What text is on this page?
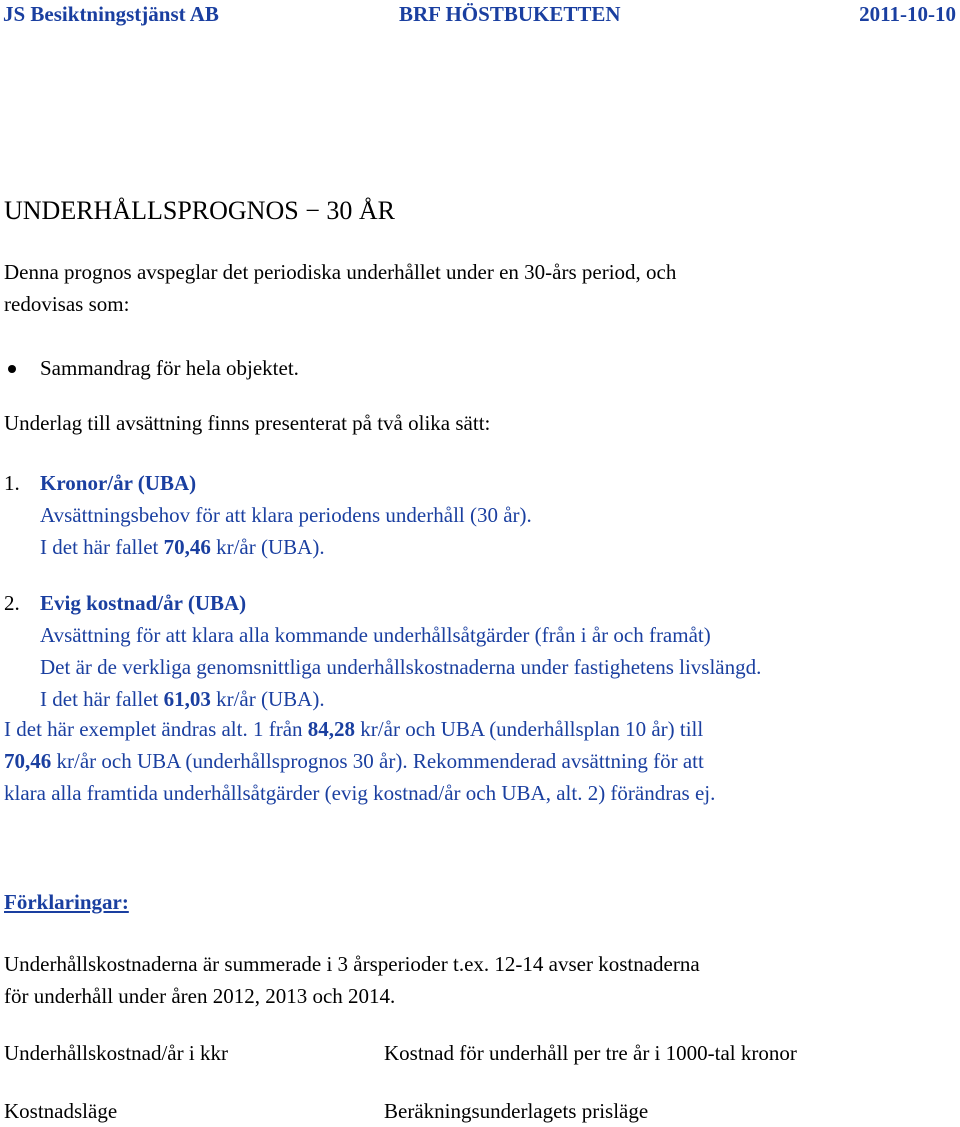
JS Besiktningstjänst AB	BRF HÖSTBUKETTEN	2011-10-10
UNDERHÅLLSPROGNOS − 30 ÅR
Denna prognos avspeglar det periodiska underhållet under en 30-års period, och
redovisas som:
Sammandrag för hela objektet.
Underlag till avsättning finns presenterat på två olika sätt:
1. Kronor/år (UBA)
Avsättningsbehov för att klara periodens underhåll (30 år).
I det här fallet 70,46 kr/år (UBA).
2. Evig kostnad/år (UBA)
Avsättning för att klara alla kommande underhållsåtgärder (från i år och framåt)
Det är de verkliga genomsnittliga underhållskostnaderna under fastighetens livslängd.
I det här fallet 61,03 kr/år (UBA).
I det här exemplet ändras alt. 1 från 84,28 kr/år och UBA (underhållsplan 10 år) till
70,46 kr/år och UBA (underhållsprognos 30 år). Rekommenderad avsättning för att
klara alla framtida underhållsåtgärder (evig kostnad/år och UBA, alt. 2) förändras ej.
Förklaringar:
Underhållskostnaderna är summerade i 3 årsperioder t.ex. 12-14 avser kostnaderna
för underhåll under åren 2012, 2013 och 2014.
Underhållskostnad/år i kkr	Kostnad för underhåll per tre år i 1000-tal kronor
Kostnadsläge	Beräkningsunderlagets prisläge
